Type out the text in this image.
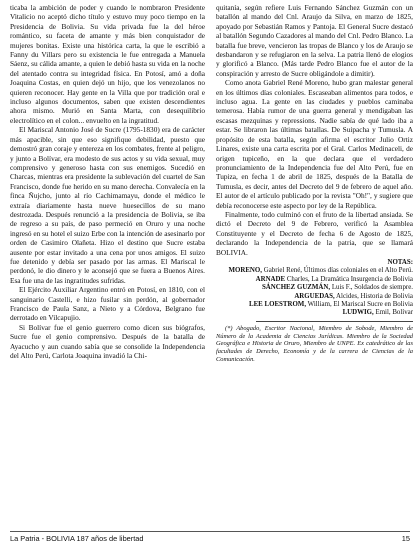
ticaba la ambición de poder y cuando le nombraron Presidente Vitalicio no aceptó dicho título y estuvo muy poco tiempo en la Presidencia de Bolivia. Su vida privada fue la del héroe romántico, su faceta de amante y más bien conquistador de mujeres bonitas. Existe una histórica carta, la que le escribió a Fanny du Villars pero su existencia le fue entregada a Manuela Sáenz, su cálida amante, a quien le debió hasta su vida en la noche del atentado contra su integridad física. En Potosí, amó a doña Joaquina Costas, en quien dejó un hijo, que los venezolanos no quieren reconocer. Hay gente en la Villa que por tradición oral e incluso algunos documentos, saben que existen descendientes ahora mismo. Murió en Santa Marta, con desequilibrio electrolítico en el colon... envuelto en la ingratitud.

El Mariscal Antonio José de Sucre (1795-1830) era de carácter más apacible, sin que eso signifique debilidad, puesto que demostró gran coraje y entereza en los combates, frente al peligro, y junto a Bolívar, era modesto de sus actos y su vida sexual, muy comprensivo y generoso hasta con sus enemigos. Sucedió en Charcas, mientras era presidente la sublevación del cuartel de San Francisco, donde fue herido en su mano derecha. Convalecía en la finca Ñujcho, junto al río Cachimamayu, donde el médico le extraía diariamente hasta nueve huesecillos de su mano destrozada. Después renunció a la presidencia de Bolivia, se iba de regreso a su país, de paso permeció en Oruro y una noche ingresó en su hotel el suizo Erbe con la intención de asesinarlo por orden de Casimiro Olañeta. Hizo el destino que Sucre estaba ausente por estar invitado a una cena por unos amigos. El suizo fue detenido y debía ser pasado por las armas. El Mariscal le perdonó, le dio dinero y le aconsejó que se fuera a Buenos Aires. Esa fue una de las ingratitudes sufridas.

El Ejército Auxiliar Argentino entró en Potosí, en 1810, con el sanguinario Castelli, e hizo fusilar sin perdón, al gobernador Francisco de Paula Sanz, a Nieto y a Córdova, Belgrano fue derrotado en Vilcapujio.

Si Bolívar fue el genio guerrero como dicen sus biógrafos, Sucre fue el genio comprensivo. Después de la batalla de Ayacucho y aun cuando sabía que se consolide la Independencia del Alto Perú, Carlota Joaquina invadió la Chi-

quitanía, según refiere Luis Fernando Sánchez Guzmán con un batallón al mando del Cnl. Araujo da Silva, en marzo de 1825, apoyado por Sebastián Ramos y Pantoja. El General Sucre destacó al batallón Segundo Cazadores al mando del Cnl. Pedro Blanco. La batalla fue breve, vencieron las tropas de Blanco y los de Araujo se desbandaron y se refugiaron en la selva. La patria llenó de elogios y glorificó a Blanco. (Más tarde Pedro Blanco fue el autor de la conspiración y arresto de Sucre obligándole a dimitir).

Como anota Gabriel René Moreno, hubo gran malestar general en los últimos días coloniales. Escaseaban alimentos para todos, e incluso agua. La gente en las ciudades y pueblos caminaba temerosa. Había rumor de una guerra general y mendigaban las escasas mezquinas y repressions. Nadie sabía de qué lado iba a estar. Se libraron las últimas batallas. De Suipacha y Tumusla. A propósito de esta batalla, según afirma el escritor Julio Ortiz Linares, existe una carta escrita por el Gral. Carlos Medinaceli, de origen tupiceño, en la que declara que el verdadero pronunciamiento de la Independencia fue del Alto Perú, fue en Tupiza, en fecha 1 de abril de 1825, después de la Batalla de Tumusla, es decir, antes del Decreto del 9 de febrero de aquel año. El autor de el artículo publicado por la revista "Oh!", y sugiere que debía reconocerse este aspecto por ley de la República.

Finalmente, todo culminó con el fruto de la libertad ansiada. Se dictó el Decreto del 9 de Febrero, verificó la Asamblea Constituyente y el Decreto de fecha 6 de Agosto de 1825, declarando la Independencia de la patria, que se llamará BOLIVIA.

NOTAS:
MORENO, Gabriel René, Últimos días coloniales en el Alto Perú.
ARNADE Charles, La Dramática Insurgencia de Bolivia
SÁNCHEZ GUZMÁN, Luis F., Soldados de siempre.
ARGUEDAS, Alcides, Historia de Bolivia
LEE LOESTROM, William, El Mariscal Sucre en Bolivia
LUDWIG, Emil, Bolívar

(*) Abogado, Escritor Nacional, Miembro de Sobode, Miembro de Número de la Academia de Ciencias Jurídicas. Miembro de la Sociedad Geográfica e Historia de Oruro, Miembro de UNPE. Ex catedrático de las facultades de Derecho, Economía y de la carrera de Ciencias de la Comunicación.

La Patria - BOLIVIA 187 años de libertad	15
